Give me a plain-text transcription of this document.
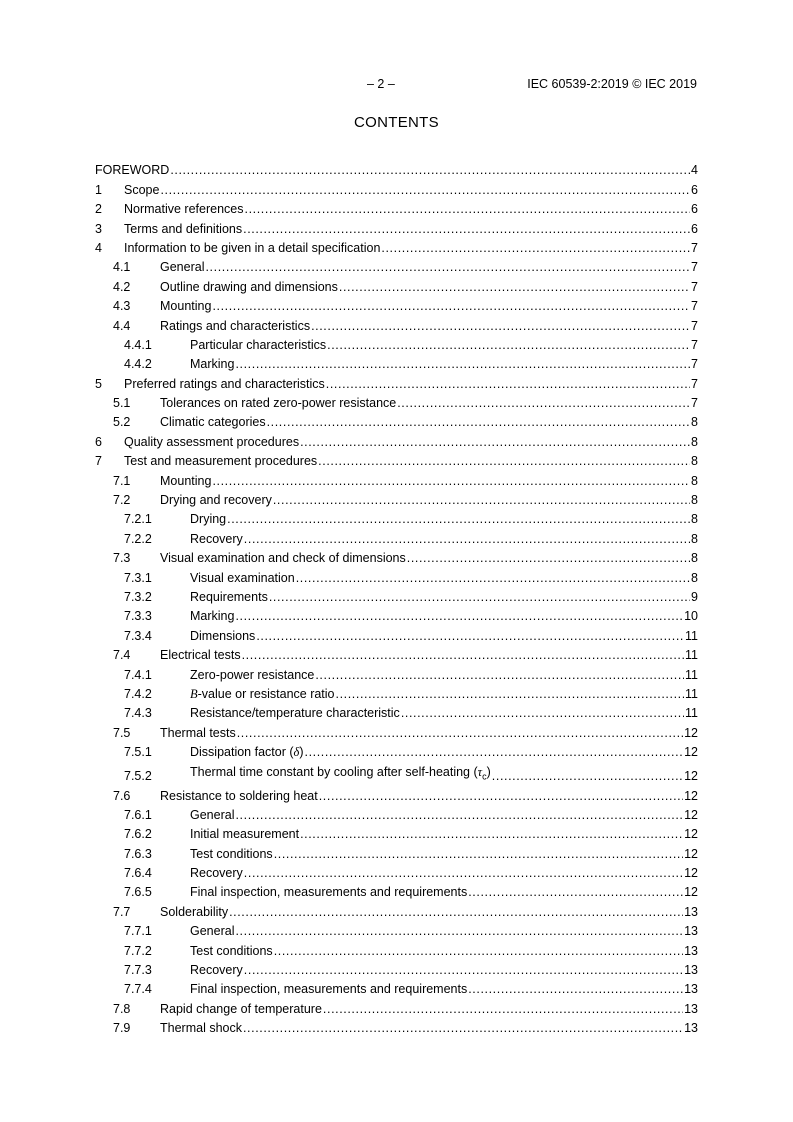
– 2 –	IEC 60539-2:2019 © IEC 2019
CONTENTS
FOREWORD .....	4
1 Scope .....	6
2 Normative references .....	6
3 Terms and definitions .....	6
4 Information to be given in a detail specification .....	7
4.1 General .....	7
4.2 Outline drawing and dimensions .....	7
4.3 Mounting .....	7
4.4 Ratings and characteristics .....	7
4.4.1	Particular characteristics .....	7
4.4.2	Marking .....	7
5 Preferred ratings and characteristics .....	7
5.1 Tolerances on rated zero-power resistance .....	7
5.2 Climatic categories .....	8
6 Quality assessment procedures .....	8
7 Test and measurement procedures .....	8
7.1 Mounting .....	8
7.2 Drying and recovery .....	8
7.2.1	Drying .....	8
7.2.2	Recovery .....	8
7.3 Visual examination and check of dimensions .....	8
7.3.1	Visual examination .....	8
7.3.2	Requirements .....	9
7.3.3	Marking .....	10
7.3.4	Dimensions .....	11
7.4 Electrical tests .....	11
7.4.1	Zero-power resistance .....	11
7.4.2	B-value or resistance ratio .....	11
7.4.3	Resistance/temperature characteristic .....	11
7.5 Thermal tests .....	12
7.5.1	Dissipation factor (δ) .....	12
7.5.2	Thermal time constant by cooling after self-heating $(\tau_c)$ .....	12
7.6 Resistance to soldering heat .....	12
7.6.1	General .....	12
7.6.2	Initial measurement .....	12
7.6.3	Test conditions .....	12
7.6.4	Recovery .....	12
7.6.5	Final inspection, measurements and requirements .....	12
7.7 Solderability .....	13
7.7.1	General .....	13
7.7.2	Test conditions .....	13
7.7.3	Recovery .....	13
7.7.4	Final inspection, measurements and requirements .....	13
7.8 Rapid change of temperature .....	13
7.9 Thermal shock .....	13
